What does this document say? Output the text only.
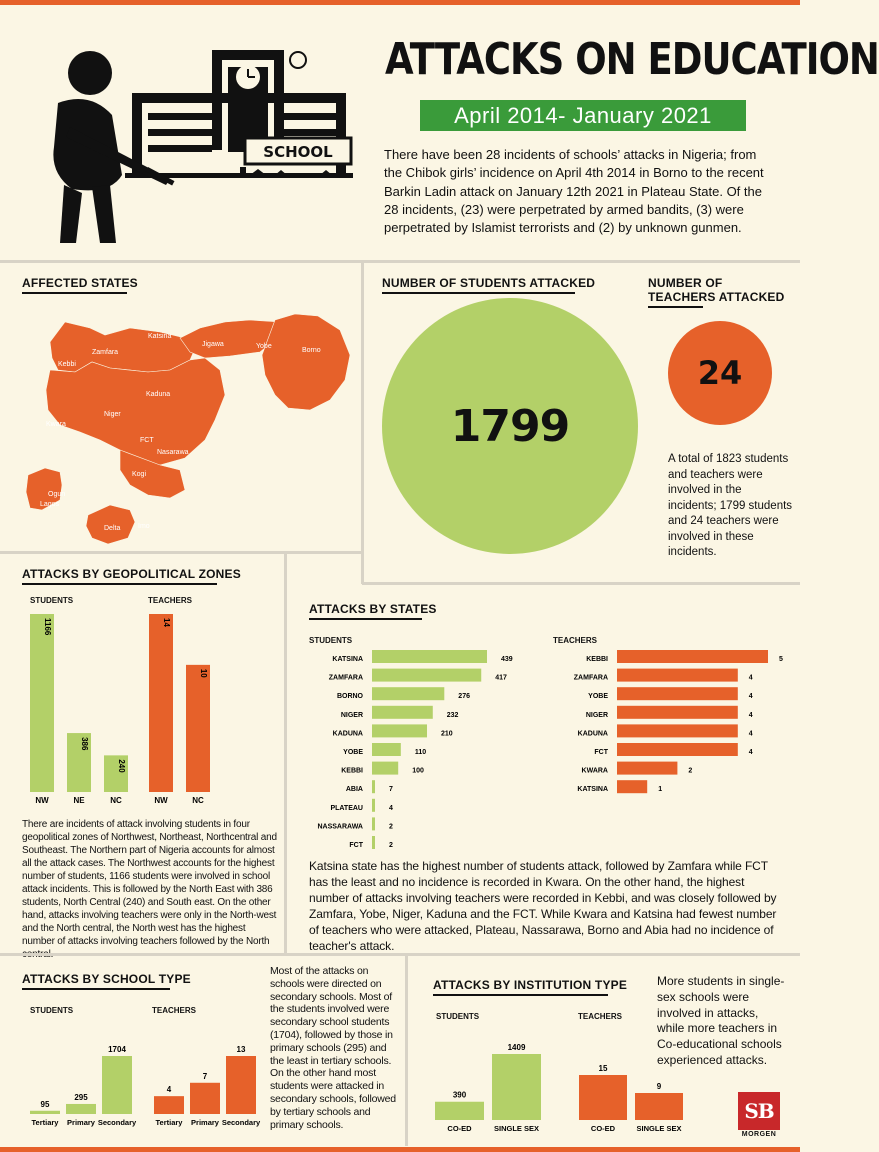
SCHOOL
ATTACKS ON EDUCATION
April 2014- January 2021
There have been 28 incidents of schools’ attacks in Nigeria; from the Chibok girls’ incidence on April 4th 2014 in Borno to the recent Barkin Ladin attack on January 12th 2021 in Plateau State. Of the 28 incidents, (23) were perpetrated by armed bandits, (3) were perpetrated by Islamist terrorists and (2) by unknown gunmen.
AFFECTED STATES
Katsina
Zamfara
Jigawa	Yobe
Borno
Kebbi
Kaduna
Niger
Kwara
FCT
Nasarawa
Kogi
Ogun
Lagos
Delta	Imo
NUMBER OF STUDENTS ATTACKED
1799
NUMBER OF TEACHERS ATTACKED
24
A total of 1823 students and teachers were involved in the incidents; 1799 students and 24 teachers were involved in these incidents.
ATTACKS BY GEOPOLITICAL ZONES
STUDENTS	TEACHERS
1166
NW
386
NE
240
NC
14
NW
10
NC
There are incidents of attack involving students in four geopolitical zones of Northwest, Northeast, Northcentral and Southeast. The Northern part of Nigeria accounts for almost all the attack cases. The Northwest accounts for the highest number of students, 1166 students were involved in school attack incidents. This is followed by the North East with 386 students, North Central (240) and South east. On the other hand, attacks involving teachers were only in the North-west and the North central, the North west has the highest number of attacks involving teachers followed by the North
ATTACKS BY STATES
STUDENTS	TEACHERS
KATSINA	439
ZAMFARA	417
BORNO	276
NIGER	232
KADUNA	210
YOBE	110
KEBBI	100
ABIA	7
PLATEAU	4
NASSARAWA	2
FCT	2
KEBBI	5
ZAMFARA	4
YOBE	4
NIGER	4
KADUNA	4
FCT	4
KWARA	2
KATSINA	1
Katsina state has the highest number of students attack, followed by Zamfara while FCT has the least and no incidence is recorded in Kwara. On the other hand, the highest number of attacks involving teachers were recorded in Kebbi, and was closely followed by Zamfara, Yobe, Niger, Kaduna and the FCT. While Kwara and Katsina had fewest number of teachers who were attacked, Plateau, Nassarawa, Borno and Abia had no incidence of teacher's attack.
ATTACKS BY SCHOOL TYPE
STUDENTS	TEACHERS
95
Tertiary
295
Primary
1704
Secondary
4
Tertiary
7
Primary
13
Secondary
Most of the attacks on schools were directed on secondary schools. Most of the students involved were secondary school students (1704), followed by those in primary schools (295) and the least in tertiary schools. On the other hand most students were attacked in secondary schools, followed by tertiary schools and primary schools.
ATTACKS BY INSTITUTION TYPE
STUDENTS	TEACHERS
390
CO-ED
1409
SINGLE SEX
15
CO-ED
9
SINGLE SEX
More students in single-sex schools were involved in attacks, while more teachers in Co-educational schools experienced attacks.
SB
MORGEN
